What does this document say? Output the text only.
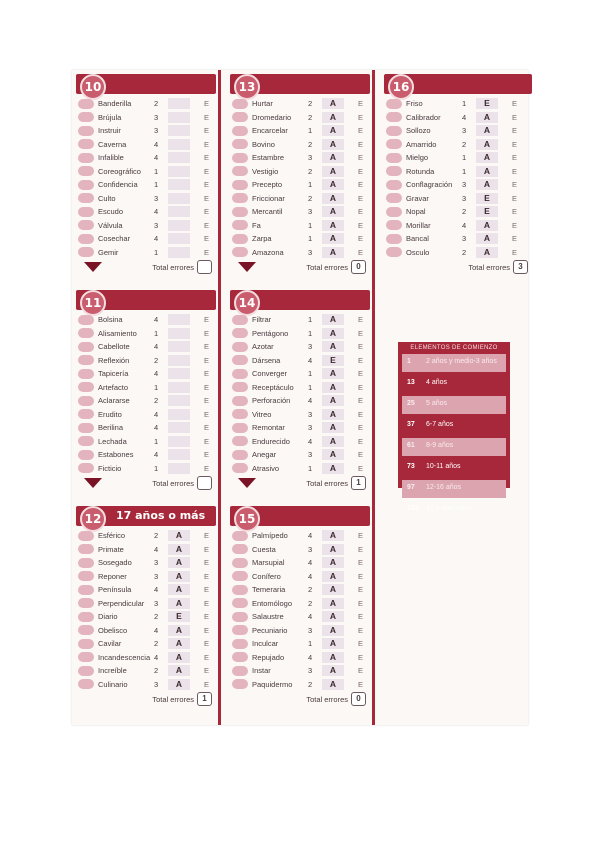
10
Banderilla	2	E
Brújula	3	E
Instruir	3	E
Caverna	4	E
Infalible	4	E
Coreográfico 1	E
Confidencia 1	E
Culto	3	E
Escudo	4	E
Válvula	3	E
Cosechar	4	E
Gemir	1	E
Total errores
11
Bolsina	4	E
Alisamiento 1	E
Cabellote	4	E
Reflexión	2	E
Tapicería	4	E
Artefacto	1	E
Aclararse	2	E
Erudito	4	E
Berilina	4	E
Lechada	1	E
Estabones	4	E
Ficticio	1	E
Total errores
12	17 años o más
Esférico	2	A	E
Primate	4	A	E
Sosegado	3	A	E
Reponer	3	A	E
Península	4	A	E
Perpendicular 3	A	E
Diario	2	E	E
Obelisco	4	A	E
Cavilar	2	A	E
Incandescencia 4	A	E
Increíble	2	A	E
Culinario	3	A	E
Total errores	1
13
Hurtar	2	A	E
Dromedario 2	A	E
Encarcelar	1	A	E
Bovino	2	A	E
Estambre	3	A	E
Vestigio	2	A	E
Precepto	1	A	E
Friccionar	2	A	E
Mercantil	3	A	E
Fa	1	A	E
Zarpa	1	A	E
Amazona	3	A	E
Total errores	0
14
Filtrar	1	A	E
Pentágono	1	A	E
Azotar	3	A	E
Dársena	4	E	E
Converger	1	A	E
Receptáculo 1	A	E
Perforación 4	A	E
Vitreo	3	A	E
Remontar	3	A	E
Endurecido 4	A	E
Anegar	3	A	E
Atrasivo	1	A	E
Total errores	1
15
Palmípedo	4	A	E
Cuesta	3	A	E
Marsupial	4	A	E
Conífero	4	A	E
Temeraria	2	A	E
Entomólogo 2	A	E
Salaustre	4	A	E
Pecuniario	3	A	E
Inculcar	1	A	E
Repujado	4	A	E
Instar	3	A	E
Paquidermo 2	A	E
Total errores	0
16
Friso	1	E	E
Calibrador	4	A	E
Sollozo	3	A	E
Amarrido	2	A	E
Mielgo	1	A	E
Rotunda	1	A	E
Conflagración 3	A	E
Gravar	3	E	E
Nopal	2	E	E
Morillar	4	A	E
Bancal	3	A	E
Osculo	2	A	E
Total errores	3
ELEMENTOS DE COMIENZO
1 2 años y medio-3 años
13 4 años
25 5 años
37 6-7 años
61 8-9 años
73 10-11 años
97 12-16 años
133 17 o más años
